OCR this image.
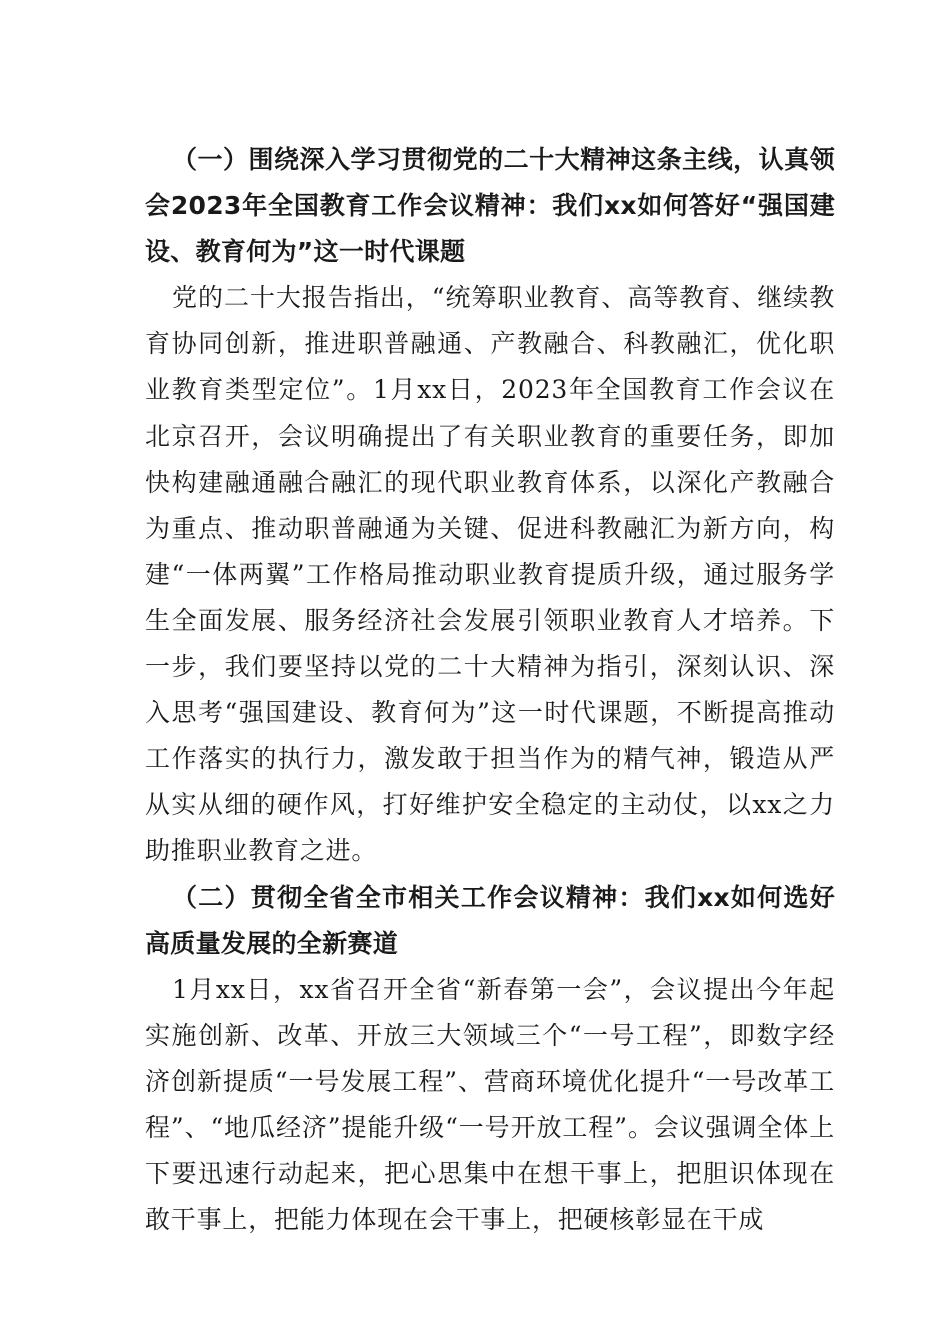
（一）围绕深入学习贯彻党的二十大精神这条主线，认真领会2023年全国教育工作会议精神：我们xx如何答好“强国建设、教育何为”这一时代课题

党的二十大报告指出，“统筹职业教育、高等教育、继续教育协同创新，推进职普融通、产教融合、科教融汇，优化职业教育类型定位”。1月xx日，2023年全国教育工作会议在北京召开，会议明确提出了有关职业教育的重要任务，即加快构建融通融合融汇的现代职业教育体系，以深化产教融合为重点、推动职普融通为关键、促进科教融汇为新方向，构建“一体两翼”工作格局推动职业教育提质升级，通过服务学生全面发展、服务经济社会发展引领职业教育人才培养。下一步，我们要坚持以党的二十大精神为指引，深刻认识、深入思考“强国建设、教育何为”这一时代课题，不断提高推动工作落实的执行力，激发敢于担当作为的精气神，锻造从严从实从细的硬作风，打好维护安全稳定的主动仗，以xx之力助推职业教育之进。

（二）贯彻全省全市相关工作会议精神：我们xx如何选好高质量发展的全新赛道

1月xx日，xx省召开全省“新春第一会”，会议提出今年起实施创新、改革、开放三大领域三个“一号工程”，即数字经济创新提质“一号发展工程”、营商环境优化提升“一号改革工程”、“地瓜经济”提能升级“一号开放工程”。会议强调全体上下要迅速行动起来，把心思集中在想干事上，把胆识体现在敢干事上，把能力体现在会干事上，把硬核彰显在干成
